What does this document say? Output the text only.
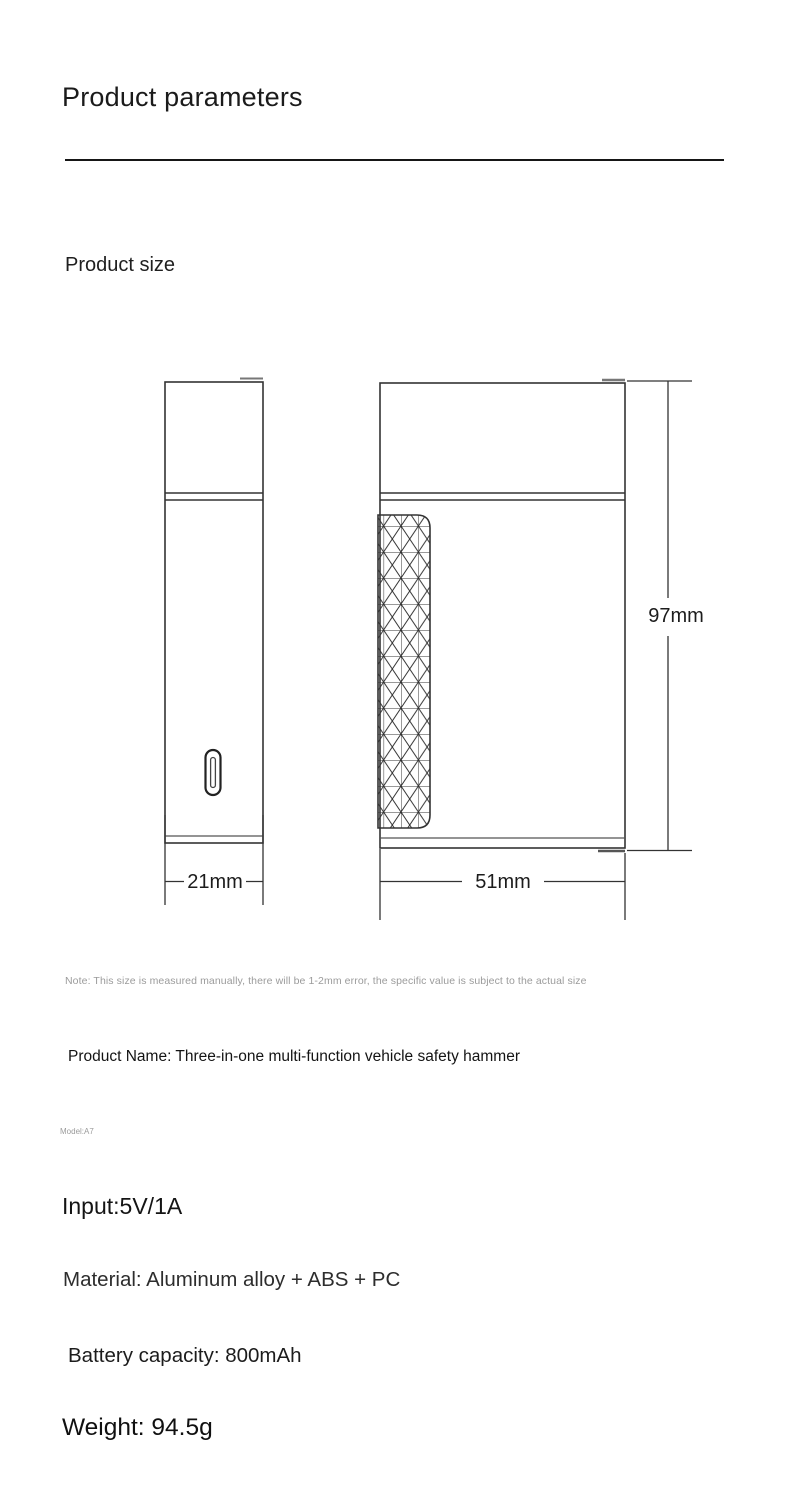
Product parameters
Product size
21mm
97mm
51mm
Note: This size is measured manually, there will be 1-2mm error, the specific value is subject to the actual size
Product Name: Three-in-one multi-function vehicle safety hammer
Model:A7
Input:5V/1A
Material: Aluminum alloy + ABS + PC
Battery capacity: 800mAh
Weight: 94.5g
